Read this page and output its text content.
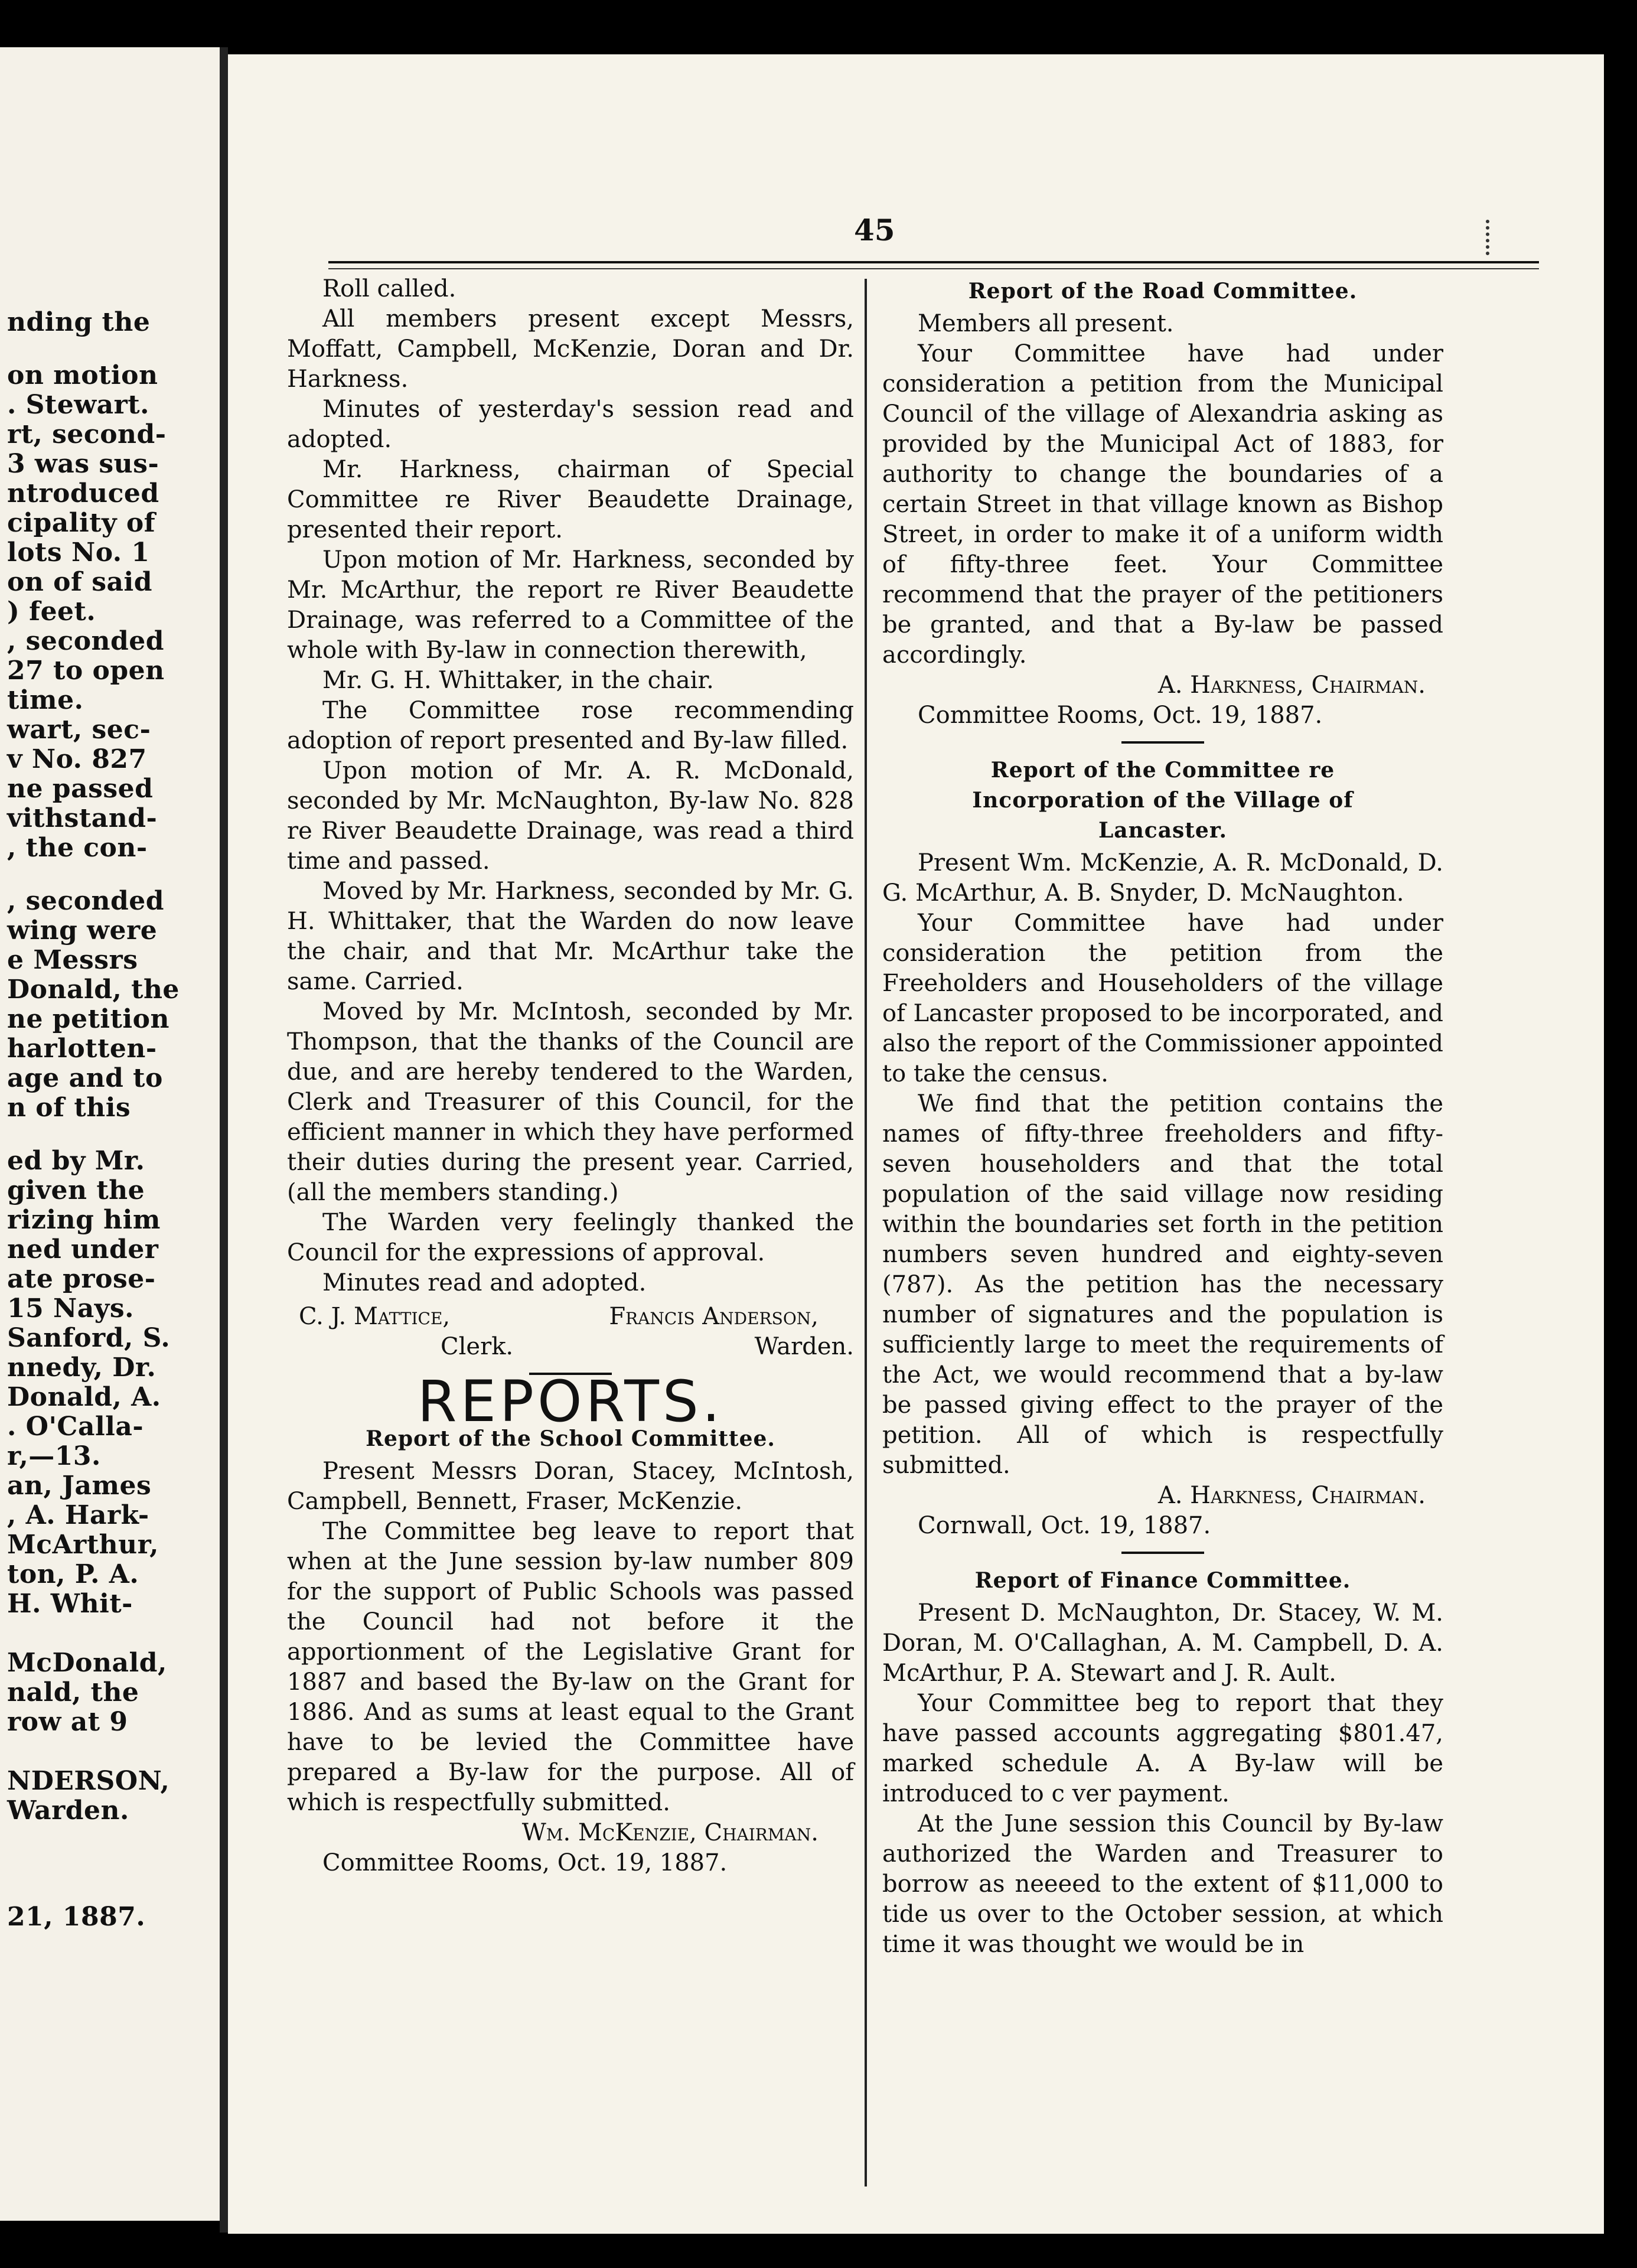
nding the
on motion
. Stewart.
rt, second-
3 was sus-
ntroduced
cipality of
lots No. 1
on of said
) feet.
, seconded
27 to open
time.
wart, sec-
v No. 827
ne passed
vithstand-
, the con-
, seconded
wing were
e Messrs
Donald, the
ne petition
harlotten-
age and to
n of this
ed by Mr.
given the
rizing him
ned under
ate prose-
15 Nays.
Sanford, S.
nnedy, Dr.
Donald, A.
. O'Calla-
r,—13.
an, James
, A. Hark-
McArthur,
ton, P. A.
H. Whit-
McDonald,
nald, the
row at 9
NDERSON,
Warden.
21, 1887.
45

Roll called.

All members present except Messrs, Moffatt, Campbell, McKenzie, Doran and Dr. Harkness.

Minutes of yesterday's session read and adopted.

Mr. Harkness, chairman of Special Committee re River Beaudette Drainage, presented their report.

Upon motion of Mr. Harkness, seconded by Mr. McArthur, the report re River Beaudette Drainage, was referred to a Committee of the whole with By-law in connection therewith,

Mr. G. H. Whittaker, in the chair.

The Committee rose recommending adoption of report presented and By-law filled.

Upon motion of Mr. A. R. McDonald, seconded by Mr. McNaughton, By-law No. 828 re River Beaudette Drainage, was read a third time and passed.

Moved by Mr. Harkness, seconded by Mr. G. H. Whittaker, that the Warden do now leave the chair, and that Mr. McArthur take the same. Carried.

Moved by Mr. McIntosh, seconded by Mr. Thompson, that the thanks of the Council are due, and are hereby tendered to the Warden, Clerk and Treasurer of this Council, for the efficient manner in which they have performed their duties during the present year. Carried, (all the members standing.)

The Warden very feelingly thanked the Council for the expressions of approval.

Minutes read and adopted.

C. J. Mattice,
Clerk.
Francis Anderson,
Warden.
REPORTS.
Report of the School Committee.

Present Messrs Doran, Stacey, McIntosh, Campbell, Bennett, Fraser, McKenzie.

The Committee beg leave to report that when at the June session by-law number 809 for the support of Public Schools was passed the Council had not before it the apportionment of the Legislative Grant for 1887 and based the By-law on the Grant for 1886. And as sums at least equal to the Grant have to be levied the Committee have prepared a By-law for the purpose. All of which is respectfully submitted.

Wm. McKenzie, Chairman.

Committee Rooms, Oct. 19, 1887.

Report of the Road Committee.

Members all present.

Your Committee have had under consideration a petition from the Municipal Council of the village of Alexandria asking as provided by the Municipal Act of 1883, for authority to change the boundaries of a certain Street in that village known as Bishop Street, in order to make it of a uniform width of fifty-three feet. Your Committee recommend that the prayer of the petitioners be granted, and that a By-law be passed accordingly.

A. Harkness, Chairman.

Committee Rooms, Oct. 19, 1887.

Report of the Committee re Incorporation of the Village of Lancaster.

Present Wm. McKenzie, A. R. McDonald, D. G. McArthur, A. B. Snyder, D. McNaughton.

Your Committee have had under consideration the petition from the Freeholders and Householders of the village of Lancaster proposed to be incorporated, and also the report of the Commissioner appointed to take the census.

We find that the petition contains the names of fifty-three freeholders and fifty-seven householders and that the total population of the said village now residing within the boundaries set forth in the petition numbers seven hundred and eighty-seven (787). As the petition has the necessary number of signatures and the population is sufficiently large to meet the requirements of the Act, we would recommend that a by-law be passed giving effect to the prayer of the petition. All of which is respectfully submitted.

A. Harkness, Chairman.

Cornwall, Oct. 19, 1887.

Report of Finance Committee.

Present D. McNaughton, Dr. Stacey, W. M. Doran, M. O'Callaghan, A. M. Campbell, D. A. McArthur, P. A. Stewart and J. R. Ault.

Your Committee beg to report that they have passed accounts aggregating $801.47, marked schedule A. A By-law will be introduced to c ver payment.

At the June session this Council by By-law authorized the Warden and Treasurer to borrow as neeeed to the extent of $11,000 to tide us over to the October session, at which time it was thought we would be in
